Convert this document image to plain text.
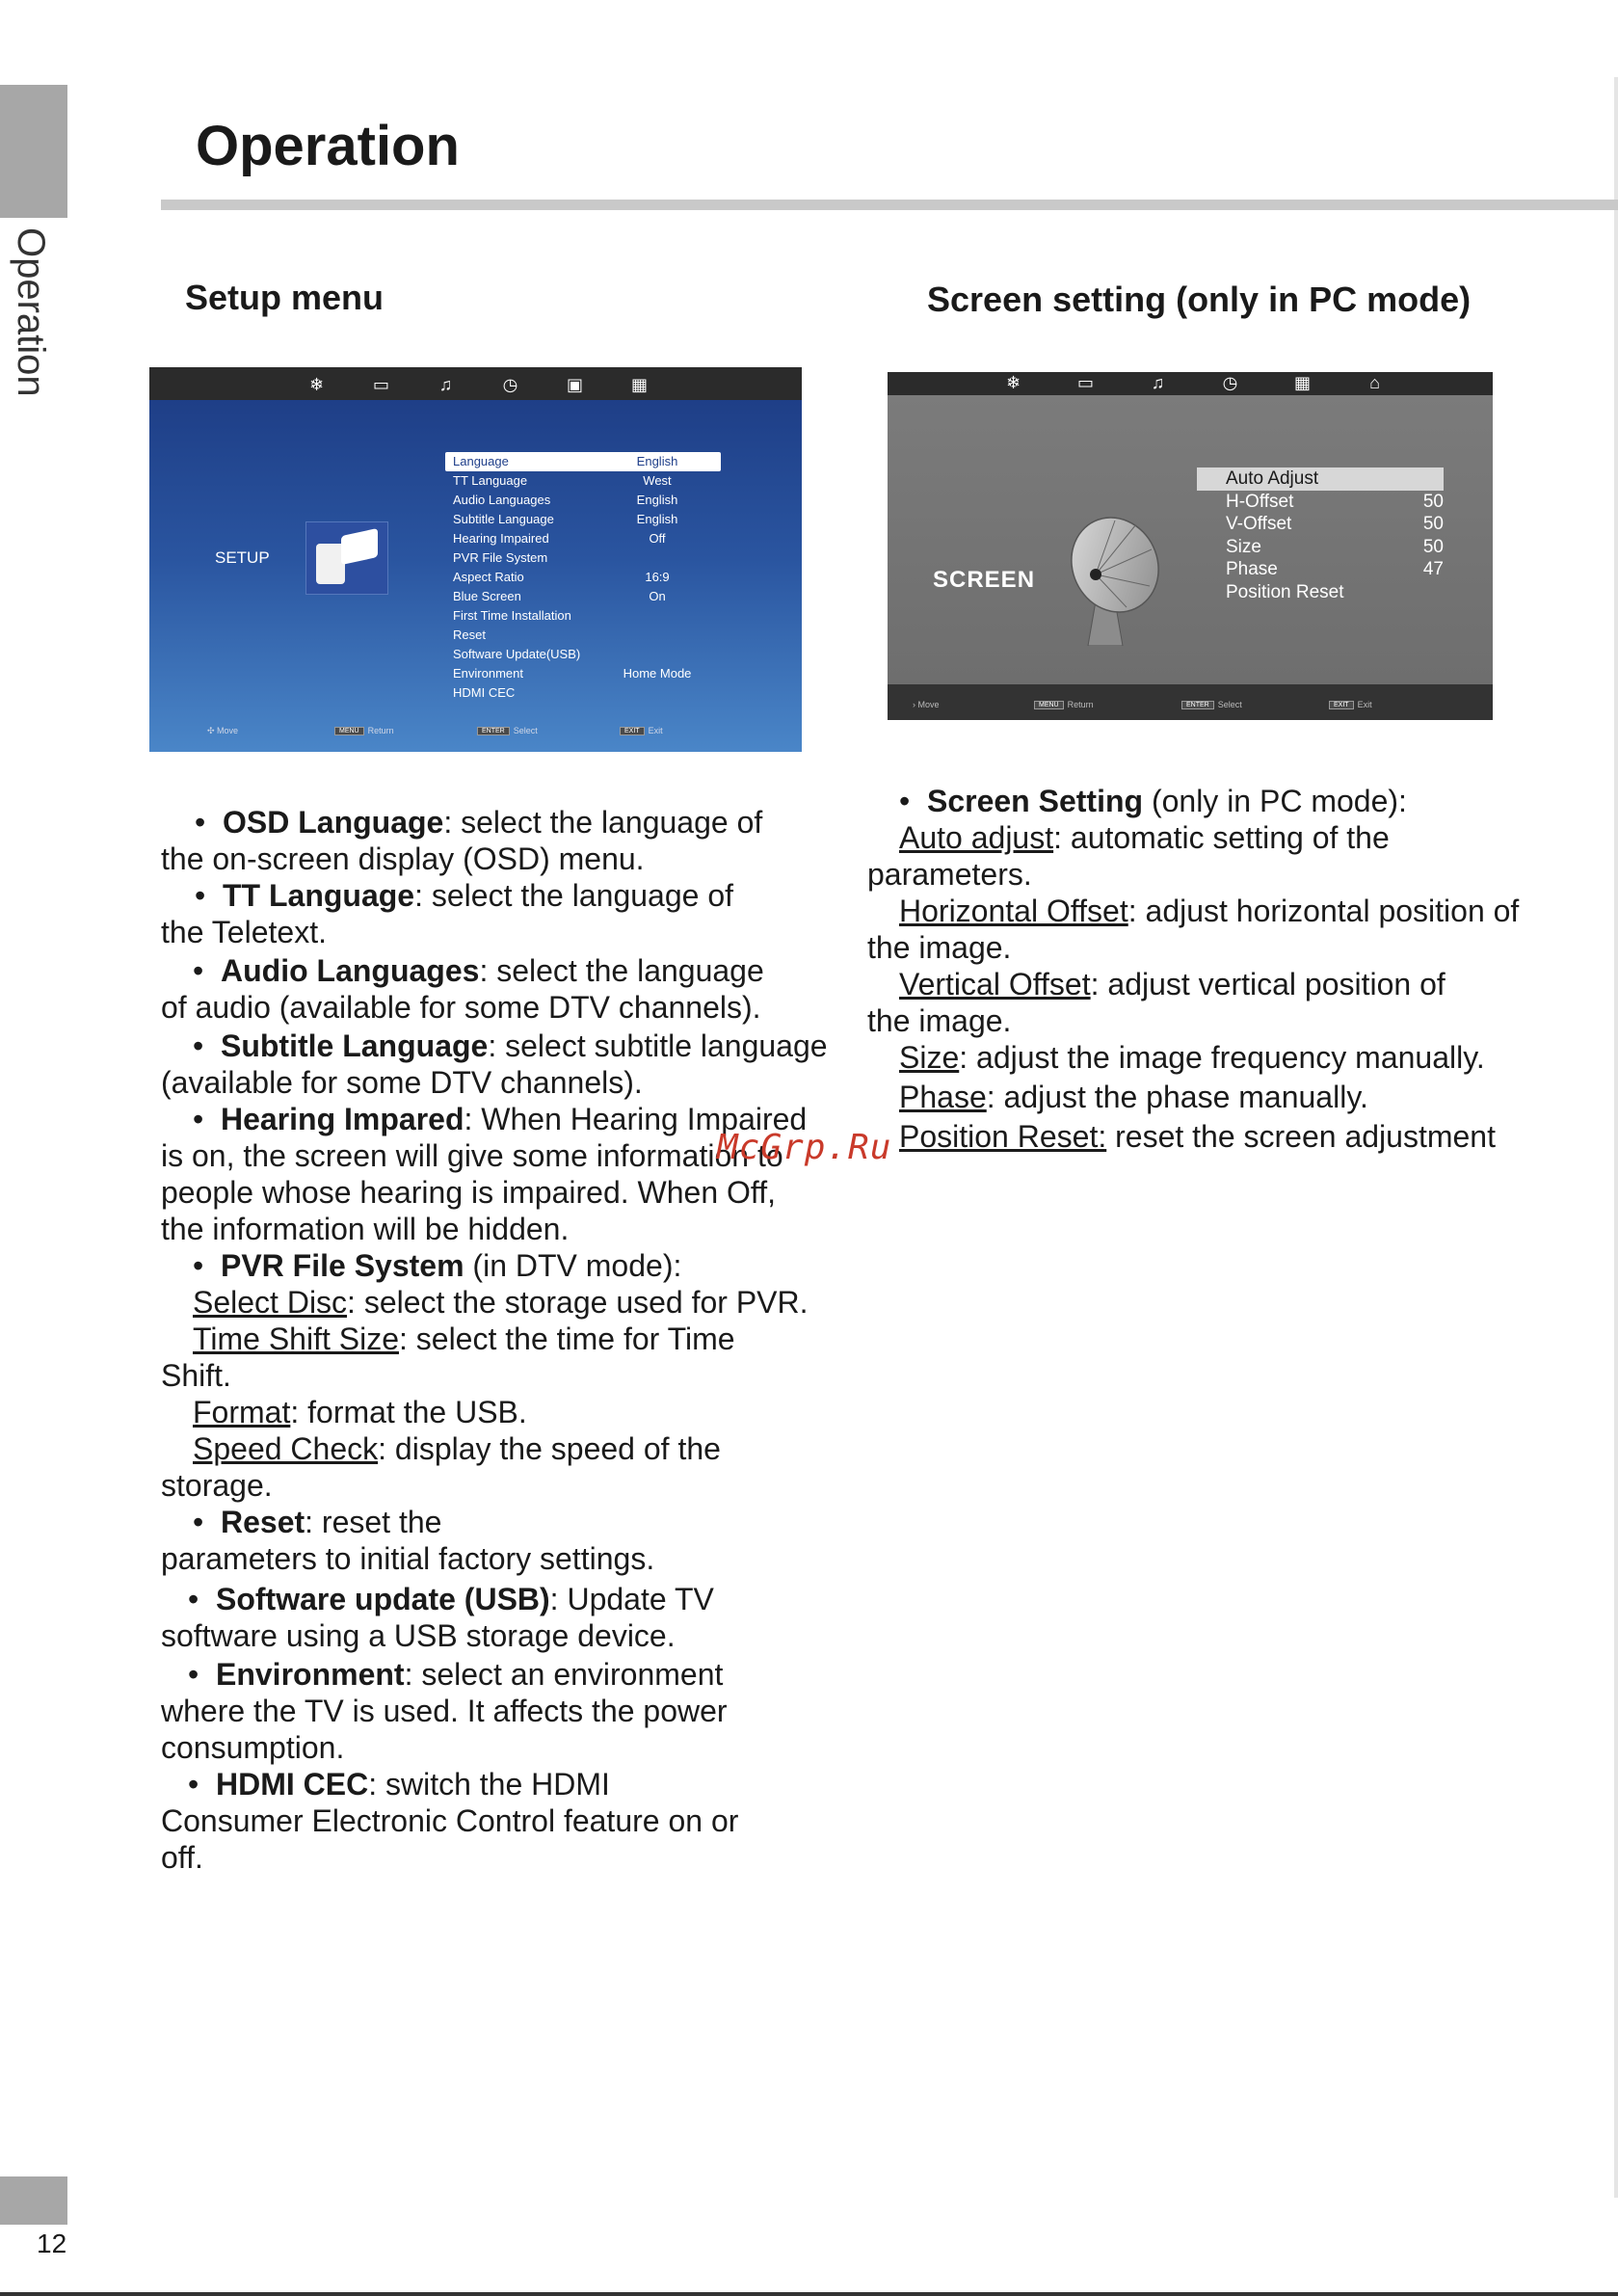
Operation
Operation
Setup menu	Screen setting (only in PC mode)
❄	▭	♫	◷	▣	▦
SETUP
Language	English
TT Language	West
Audio Languages	English
Subtitle Language	English
Hearing Impaired	Off
PVR File System
Aspect Ratio	16:9
Blue Screen	On
First Time Installation
Reset
Software Update(USB)
Environment	Home Mode
HDMI CEC
✣ Move	MENU Return	ENTER Select	EXIT Exit
❄	▭	♫	◷	▦	⌂
SCREEN
Auto Adjust
H-Offset	50
V-Offset	50
Size	50
Phase	47
Position Reset
› Move	MENU Return	ENTER Select	EXIT Exit
•  OSD Language: select the language of
the on-screen display (OSD) menu.
•  TT Language: select the language of
the Teletext.
•  Audio Languages: select the language
of audio (available for some DTV channels).
•  Subtitle Language: select subtitle language
(available for some DTV channels).
•  Hearing Impared: When Hearing Impaired
is on, the screen will give some information to
people whose hearing is impaired. When Off,
the information will be hidden.
•  PVR File System (in DTV mode):
Select Disc: select the storage used for PVR.
Time Shift Size: select the time for Time
Shift.
Format: format the USB.
Speed Check: display the speed of the
storage.
•  Reset: reset the
parameters to initial factory settings.
•  Software update (USB): Update TV
software using a USB storage device.
•  Environment: select an environment
where the TV is used. It affects the power
consumption.
•  HDMI CEC: switch the HDMI
Consumer Electronic Control feature on or
off.
•  Screen Setting (only in PC mode):
Auto adjust: automatic setting of the
parameters.
Horizontal Offset: adjust horizontal position of
the image.
Vertical Offset: adjust vertical position of
the image.
Size: adjust the image frequency manually.
Phase: adjust the phase manually.
Position Reset: reset the screen adjustment
McGrp.Ru
12
